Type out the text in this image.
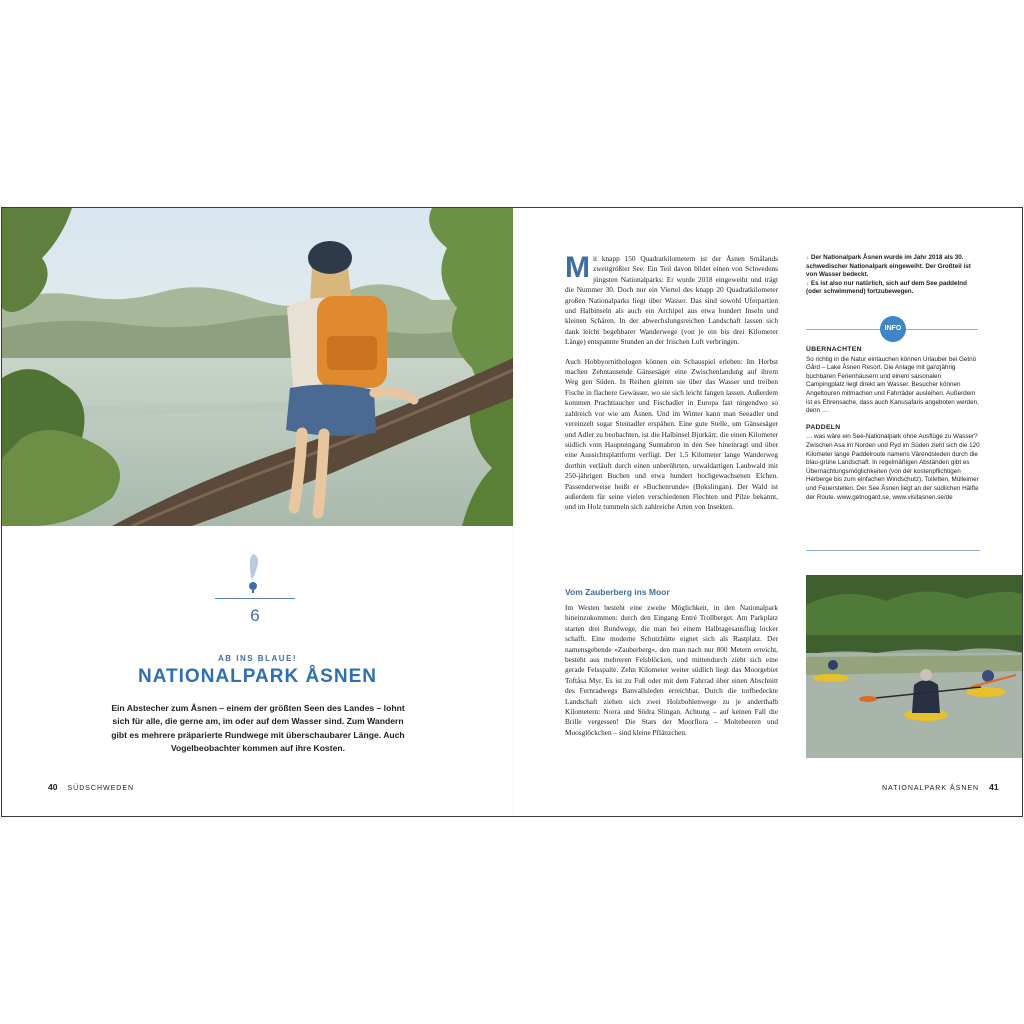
6
AB INS BLAUE!
NATIONALPARK ÅSNEN
Ein Abstecher zum Åsnen – einem der größten Seen des Landes – lohnt sich für alle, die gerne am, im oder auf dem Wasser sind. Zum Wandern gibt es mehrere präparierte Rundwege mit überschaubarer Länge. Auch Vogelbeobachter kommen auf ihre Kosten.
40 SÜDSCHWEDEN

Mit knapp 150 Quadratkilometern ist der Åsnen Smålands zweitgrößter See. Ein Teil davon bildet einen von Schwedens jüngsten Nationalparks: Er wurde 2018 eingeweiht und trägt die Nummer 30. Doch nur ein Viertel des knapp 20 Quadratkilometer großen Nationalparks liegt über Wasser. Das sind sowohl Uferpartien und Halbinseln als auch ein Archipel aus etwa hundert Inseln und kleinen Schären. In der abwechslungsreichen Landschaft lassen sich dank leicht begehbarer Wanderwege (von je ein bis drei Kilometer Länge) entspannte Stunden an der frischen Luft verbringen.

Auch Hobbyornithologen können ein Schauspiel erleben: Im Herbst machen Zehntausende Gänsesäger eine Zwischenlandung auf ihrem Weg gen Süden. In Reihen gleiten sie über das Wasser und treiben Fische in flachere Gewässer, wo sie sich leicht fangen lassen. Außerdem kommen Prachttaucher und Fischadler in Europa fast nirgendwo so zahlreich vor wie am Åsnen. Und im Winter kann man Seeadler und vereinzelt sogar Steinadler erspähen. Eine gute Stelle, um Gänsesäger und Adler zu beobachten, ist die Halbinsel Bjurkärr, die einen Kilometer südlich vom Haupteingang Sunnabron in den See hineinragt und über eine Aussichtsplattform verfügt. Der 1,5 Kilometer lange Wanderweg dorthin verläuft durch einen unberührten, urwaldartigen Laubwald mit 250-jährigen Buchen und etwa hundert hochgewachsenen Eichen. Passenderweise heißt er »Buchenrunde« (Bokslingan). Der Wald ist außerdem für seine vielen verschiedenen Flechten und Pilze bekannt, und im Holz tummeln sich zahlreiche Arten von Insekten.

Vom Zauberberg ins Moor

Im Westen besteht eine zweite Möglichkeit, in den Nationalpark hineinzukommen: durch den Eingang Entré Trollberget. Am Parkplatz starten drei Rundwege, die man bei einem Halbtagesausflug locker schafft. Eine moderne Schutzhütte eignet sich als Rastplatz. Der namensgebende »Zauberberg«, den man nach nur 800 Metern erreicht, besteht aus mehreren Felsblöcken, und mittendurch zieht sich eine gerade Felsspalte. Zehn Kilometer weiter südlich liegt das Moorgebiet Toftåsa Myr. Es ist zu Fuß oder mit dem Fahrrad über einen Abschnitt des Fernradwegs Banvallsleden erreichbar. Durch die torfbedeckte Landschaft ziehen sich zwei Holzbohlenwege zu je anderthalb Kilometern: Norra und Södra Slingan. Achtung – auf keinen Fall die Brille vergessen! Die Stars der Moorflora – Moltebeeren und Moosglöckchen – sind kleine Pflänzchen.

↓ Der Nationalpark Åsnen wurde im Jahr 2018 als 30. schwedischer Nationalpark eingeweiht. Der Großteil ist von Wasser bedeckt.
↓ Es ist also nur natürlich, sich auf dem See paddelnd (oder schwimmend) fortzubewegen.
INFO
ÜBERNACHTEN

So richtig in die Natur eintauchen können Urlauber bei Getnö Gård – Lake Åsnen Resort. Die Anlage mit ganzjährig buchbaren Ferienhäusern und einem saisonalen Campingplatz liegt direkt am Wasser. Besucher können Angeltouren mitmachen und Fahrräder ausleihen. Außerdem ist es Ehrensache, dass auch Kanusafaris angeboten werden, denn …

PADDELN

… was wäre ein See-Nationalpark ohne Ausflüge zu Wasser? Zwischen Asa im Norden und Ryd im Süden zieht sich die 120 Kilometer lange Paddelroute namens Värendsleden durch die blau-grüne Landschaft. In regelmäßigen Abständen gibt es Übernachtungsmöglichkeiten (von der kostenpflichtigen Herberge bis zum einfachen Windschutz), Toiletten, Mülleimer und Feuerstellen. Der See Åsnen liegt an der südlichen Hälfte der Route. www.getnogard.se, www.visitasnen.se/de

NATIONALPARK ÅSNEN 41
